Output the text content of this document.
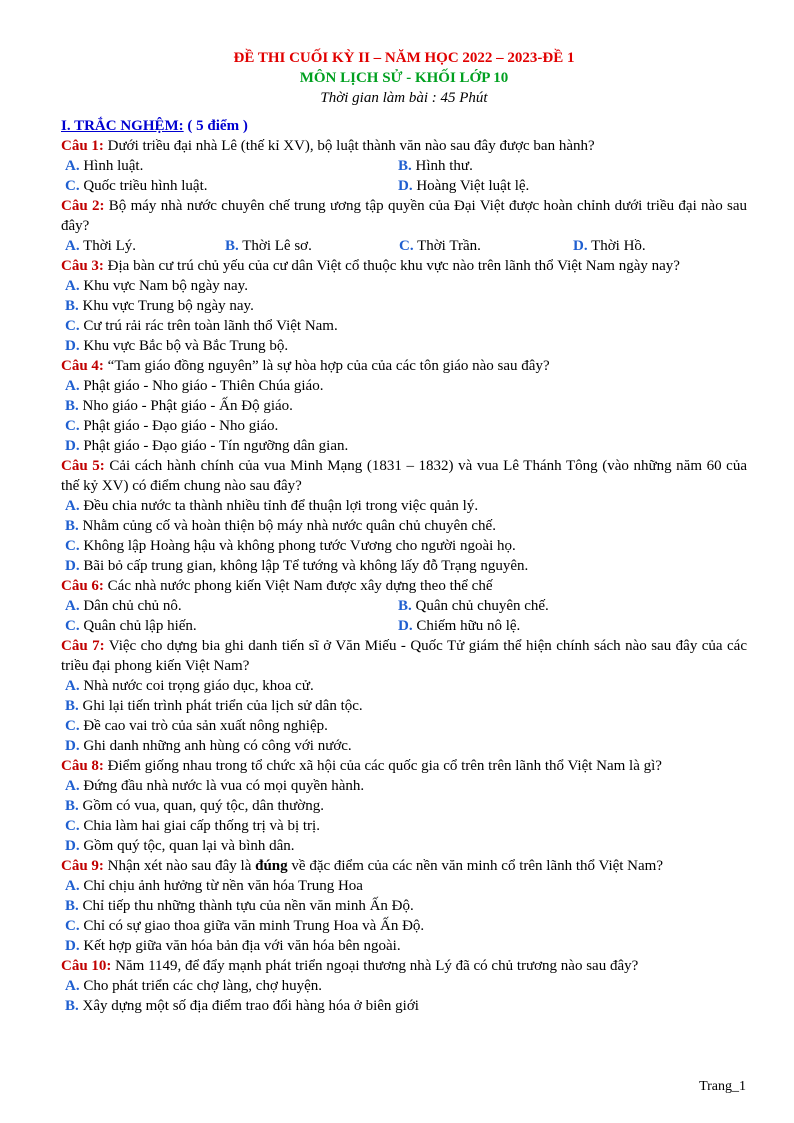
ĐỀ THI CUỐI KỲ II – NĂM HỌC 2022 – 2023-ĐỀ 1
MÔN LỊCH SỬ - KHỐI LỚP 10
Thời gian làm bài : 45 Phút
I. TRẮC NGHỆM: ( 5 điểm )
Câu 1: Dưới triều đại nhà Lê (thế kỉ XV), bộ luật thành văn nào sau đây được ban hành?
A. Hình luật.	B. Hình thư.
C. Quốc triều hình luật.	D. Hoàng Việt luật lệ.
Câu 2: Bộ máy nhà nước chuyên chế trung ương tập quyền của Đại Việt được hoàn chỉnh dưới triều đại nào sau đây?
A. Thời Lý.	B. Thời Lê sơ.	C. Thời Trần.	D. Thời Hồ.
Câu 3: Địa bàn cư trú chủ yếu của cư dân Việt cổ thuộc khu vực nào trên lãnh thổ Việt Nam ngày nay?
A. Khu vực Nam bộ ngày nay.
B. Khu vực Trung bộ ngày nay.
C. Cư trú rải rác trên toàn lãnh thổ Việt Nam.
D. Khu vực Bắc bộ và Bắc Trung bộ.
Câu 4: “Tam giáo đồng nguyên” là sự hòa hợp của của các tôn giáo nào sau đây?
A. Phật giáo - Nho giáo - Thiên Chúa giáo.
B. Nho giáo - Phật giáo - Ấn Độ giáo.
C. Phật giáo - Đạo giáo - Nho giáo.
D. Phật giáo - Đạo giáo - Tín ngưỡng dân gian.
Câu 5: Cải cách hành chính của vua Minh Mạng (1831 – 1832) và vua Lê Thánh Tông (vào những năm 60 của thế kỷ XV) có điểm chung nào sau đây?
A. Đều chia nước ta thành nhiều tỉnh để thuận lợi trong việc quản lý.
B. Nhằm củng cố và hoàn thiện bộ máy nhà nước quân chủ chuyên chế.
C. Không lập Hoàng hậu và không phong tước Vương cho người ngoài họ.
D. Bãi bỏ cấp trung gian, không lập Tể tướng và không lấy đỗ Trạng nguyên.
Câu 6: Các nhà nước phong kiến Việt Nam được xây dựng theo thể chế
A. Dân chủ chủ nô.	B. Quân chủ chuyên chế.
C. Quân chủ lập hiến.	D. Chiếm hữu nô lệ.
Câu 7: Việc cho dựng bia ghi danh tiến sĩ ở Văn Miếu - Quốc Tử giám thể hiện chính sách nào sau đây của các triều đại phong kiến Việt Nam?
A. Nhà nước coi trọng giáo dục, khoa cử.
B. Ghi lại tiến trình phát triển của lịch sử dân tộc.
C. Đề cao vai trò của sản xuất nông nghiệp.
D. Ghi danh những anh hùng có công với nước.
Câu 8: Điểm giống nhau trong tổ chức xã hội của các quốc gia cổ trên trên lãnh thổ Việt Nam là gì?
A. Đứng đầu nhà nước là vua có mọi quyền hành.
B. Gồm có vua, quan, quý tộc, dân thường.
C. Chia làm hai giai cấp thống trị và bị trị.
D. Gồm quý tộc, quan lại và bình dân.
Câu 9: Nhận xét nào sau đây là đúng về đặc điểm của các nền văn minh cổ trên lãnh thổ Việt Nam?
A. Chỉ chịu ảnh hưởng từ nền văn hóa Trung Hoa
B. Chỉ tiếp thu những thành tựu của nền văn minh Ấn Độ.
C. Chỉ có sự giao thoa giữa văn minh Trung Hoa và Ấn Độ.
D. Kết hợp giữa văn hóa bản địa với văn hóa bên ngoài.
Câu 10: Năm 1149, để đẩy mạnh phát triển ngoại thương nhà Lý đã có chủ trương nào sau đây?
A. Cho phát triển các chợ làng, chợ huyện.
B. Xây dựng một số địa điểm trao đổi hàng hóa ở biên giới
Trang_1
